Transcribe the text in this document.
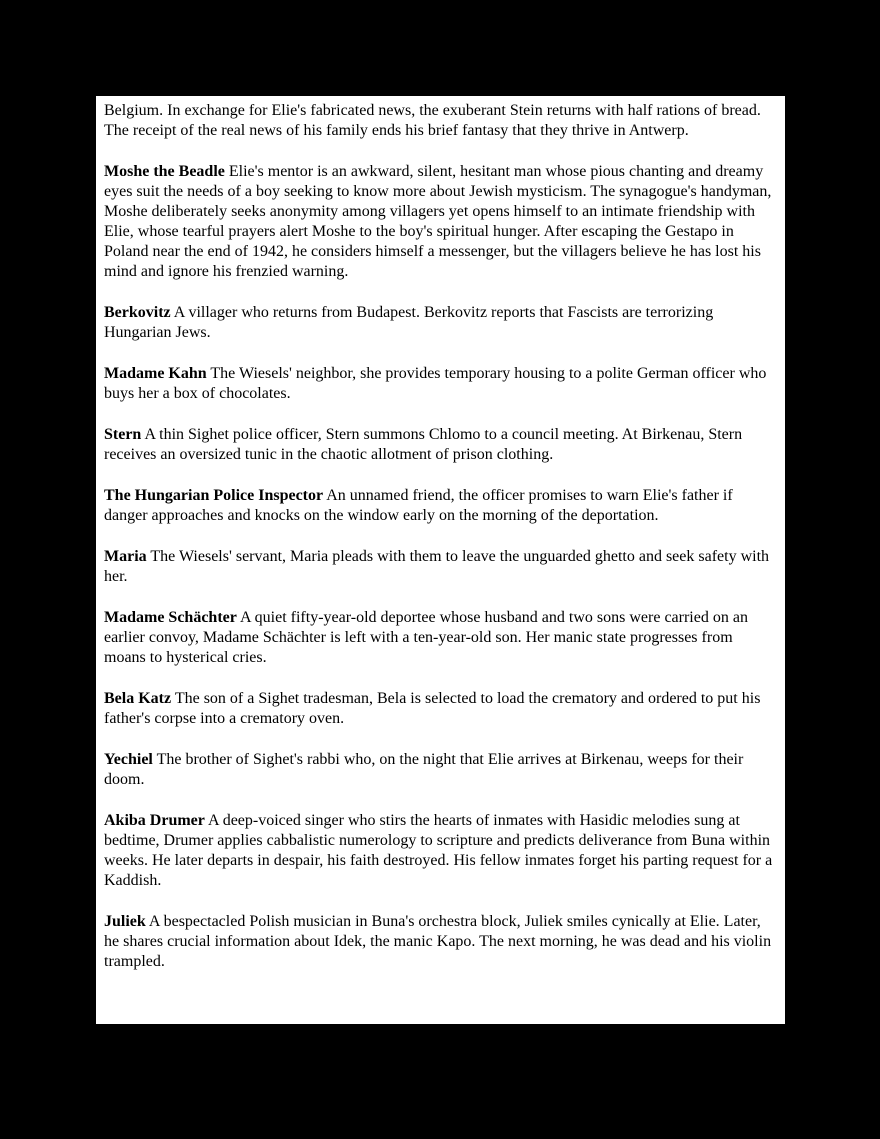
Belgium. In exchange for Elie's fabricated news, the exuberant Stein returns with half rations of bread. The receipt of the real news of his family ends his brief fantasy that they thrive in Antwerp.

Moshe the Beadle Elie's mentor is an awkward, silent, hesitant man whose pious chanting and dreamy eyes suit the needs of a boy seeking to know more about Jewish mysticism. The synagogue's handyman, Moshe deliberately seeks anonymity among villagers yet opens himself to an intimate friendship with Elie, whose tearful prayers alert Moshe to the boy's spiritual hunger. After escaping the Gestapo in Poland near the end of 1942, he considers himself a messenger, but the villagers believe he has lost his mind and ignore his frenzied warning.

Berkovitz A villager who returns from Budapest. Berkovitz reports that Fascists are terrorizing Hungarian Jews.

Madame Kahn The Wiesels' neighbor, she provides temporary housing to a polite German officer who buys her a box of chocolates.

Stern A thin Sighet police officer, Stern summons Chlomo to a council meeting. At Birkenau, Stern receives an oversized tunic in the chaotic allotment of prison clothing.

The Hungarian Police Inspector An unnamed friend, the officer promises to warn Elie's father if danger approaches and knocks on the window early on the morning of the deportation.

Maria The Wiesels' servant, Maria pleads with them to leave the unguarded ghetto and seek safety with her.

Madame Schächter A quiet fifty-year-old deportee whose husband and two sons were carried on an earlier convoy, Madame Schächter is left with a ten-year-old son. Her manic state progresses from moans to hysterical cries.

Bela Katz The son of a Sighet tradesman, Bela is selected to load the crematory and ordered to put his father's corpse into a crematory oven.

Yechiel The brother of Sighet's rabbi who, on the night that Elie arrives at Birkenau, weeps for their doom.

Akiba Drumer A deep-voiced singer who stirs the hearts of inmates with Hasidic melodies sung at bedtime, Drumer applies cabbalistic numerology to scripture and predicts deliverance from Buna within weeks. He later departs in despair, his faith destroyed. His fellow inmates forget his parting request for a Kaddish.

Juliek A bespectacled Polish musician in Buna's orchestra block, Juliek smiles cynically at Elie. Later, he shares crucial information about Idek, the manic Kapo. The next morning, he was dead and his violin trampled.
